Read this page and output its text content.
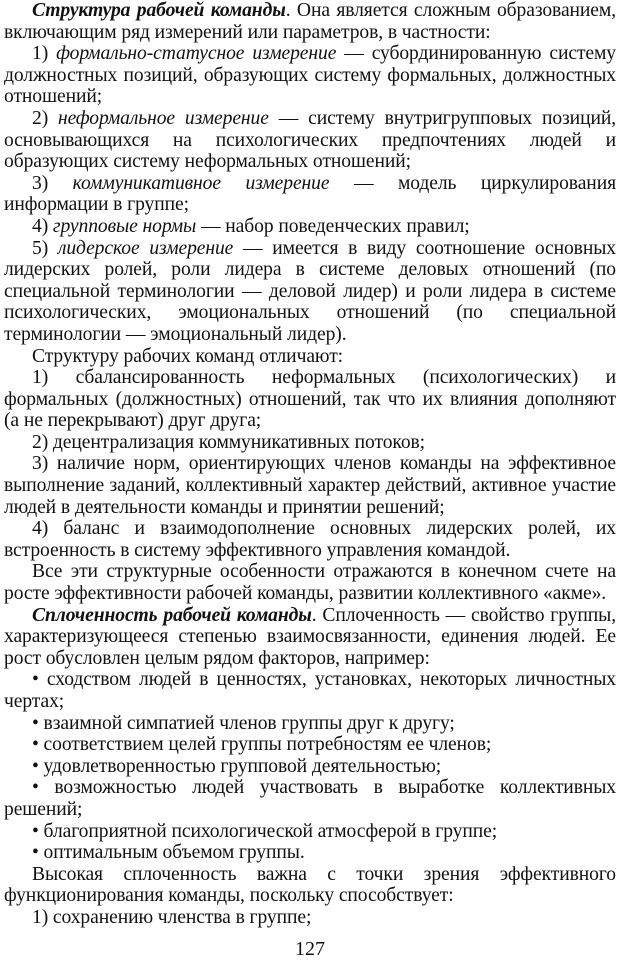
Структура рабочей команды. Она является сложным образованием, включающим ряд измерений или параметров, в частности:

1) формально-статусное измерение — субординированную систему должностных позиций, образующих систему формальных, должностных отношений;

2) неформальное измерение — систему внутригрупповых позиций, основывающихся на психологических предпочтениях людей и образующих систему неформальных отношений;

3) коммуникативное измерение — модель циркулирования информации в группе;

4) групповые нормы — набор поведенческих правил;

5) лидерское измерение — имеется в виду соотношение основных лидерских ролей, роли лидера в системе деловых отношений (по специальной терминологии — деловой лидер) и роли лидера в системе психологических, эмоциональных отношений (по специальной терминологии — эмоциональный лидер).

Структуру рабочих команд отличают:

1) сбалансированность неформальных (психологических) и формальных (должностных) отношений, так что их влияния дополняют (а не перекрывают) друг друга;

2) децентрализация коммуникативных потоков;

3) наличие норм, ориентирующих членов команды на эффективное выполнение заданий, коллективный характер действий, активное участие людей в деятельности команды и принятии решений;

4) баланс и взаимодополнение основных лидерских ролей, их встроенность в систему эффективного управления командой.

Все эти структурные особенности отражаются в конечном счете на росте эффективности рабочей команды, развитии коллективного «акме».

Сплоченность рабочей команды. Сплоченность — свойство группы, характеризующееся степенью взаимосвязанности, единения людей. Ее рост обусловлен целым рядом факторов, например:

• сходством людей в ценностях, установках, некоторых личностных чертах;

• взаимной симпатией членов группы друг к другу;

• соответствием целей группы потребностям ее членов;

• удовлетворенностью групповой деятельностью;

• возможностью людей участвовать в выработке коллективных решений;

• благоприятной психологической атмосферой в группе;

• оптимальным объемом группы.

Высокая сплоченность важна с точки зрения эффективного функционирования команды, поскольку способствует:

1) сохранению членства в группе;

127
